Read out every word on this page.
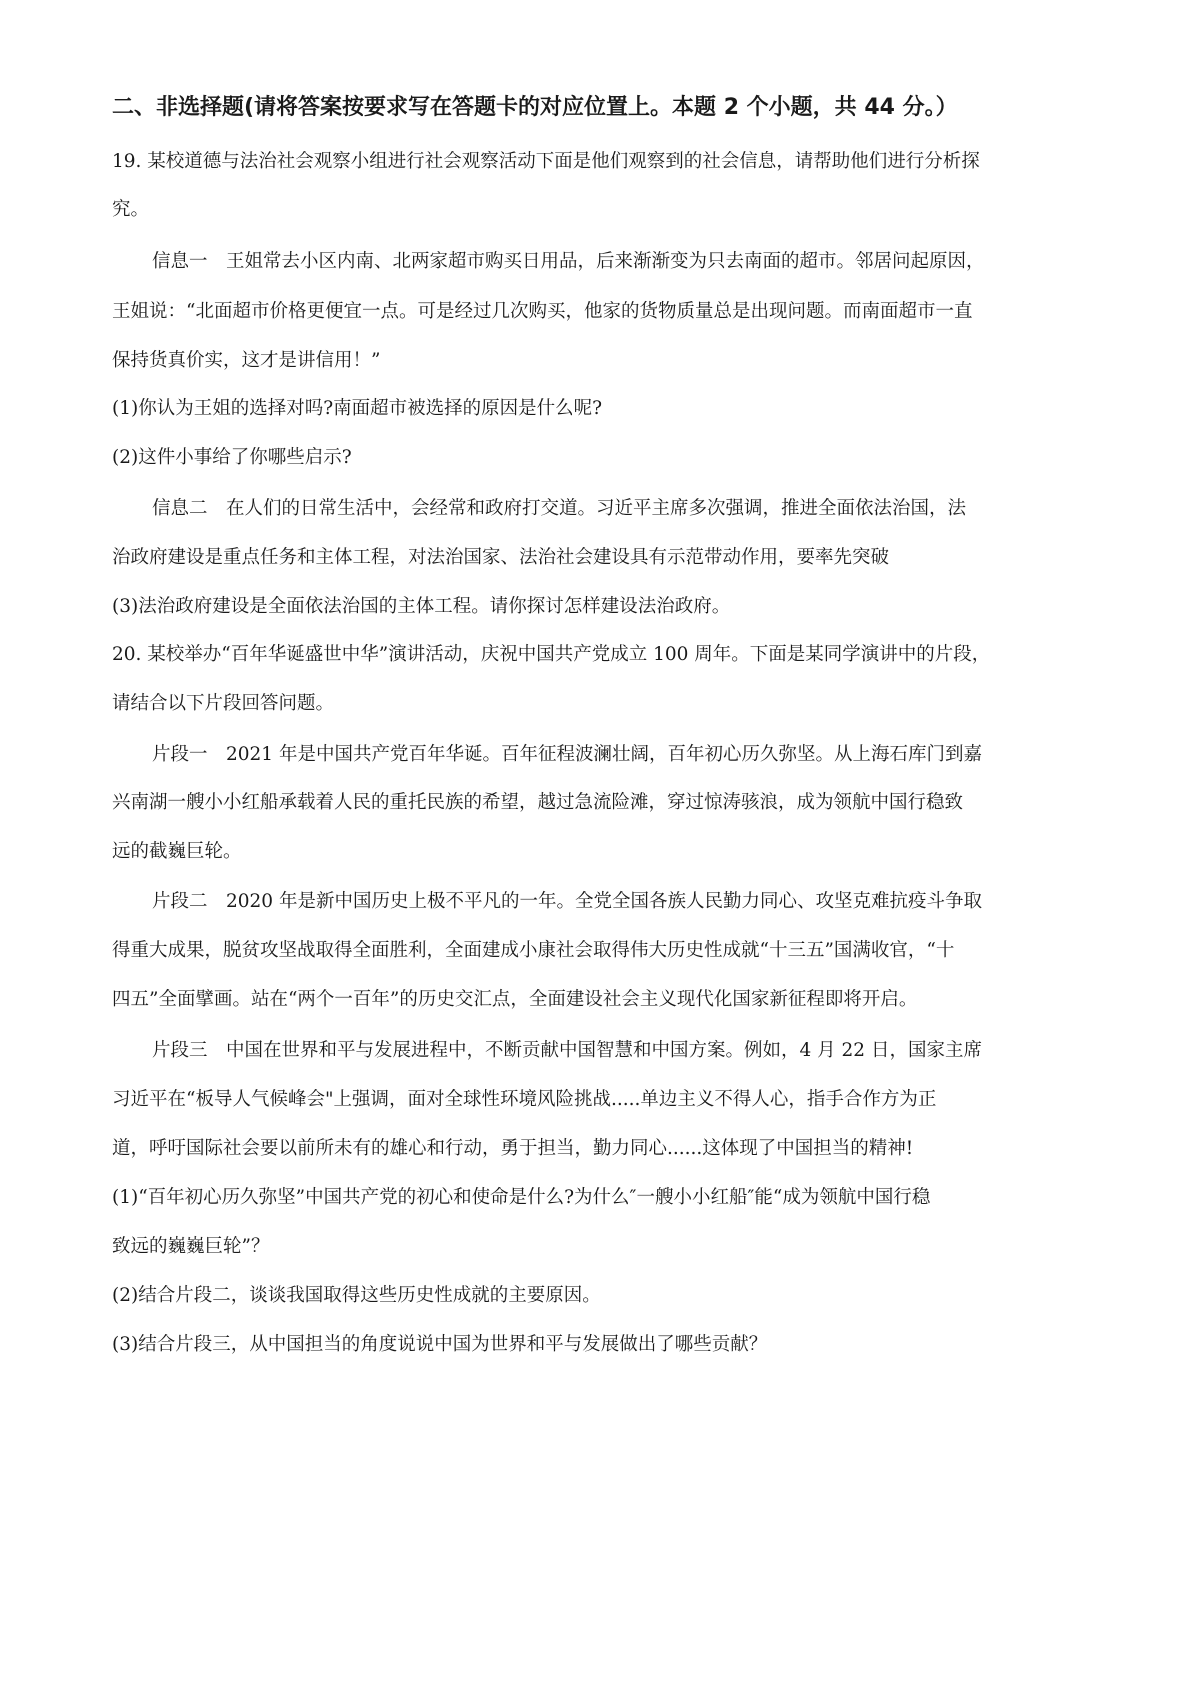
二、非选择题(请将答案按要求写在答题卡的对应位置上。本题 2 个小题，共 44 分。）
19. 某校道德与法治社会观察小组进行社会观察活动下面是他们观察到的社会信息，请帮助他们进行分析探
究。
信息一　王姐常去小区内南、北两家超市购买日用品，后来渐渐变为只去南面的超市。邻居问起原因，
王姐说：“北面超市价格更便宜一点。可是经过几次购买，他家的货物质量总是出现问题。而南面超市一直
保持货真价实，这才是讲信用！”
(1)你认为王姐的选择对吗?南面超市被选择的原因是什么呢?
(2)这件小事给了你哪些启示?
信息二　在人们的日常生活中，会经常和政府打交道。习近平主席多次强调，推进全面依法治国，法
治政府建设是重点任务和主体工程，对法治国家、法治社会建设具有示范带动作用，要率先突破
(3)法治政府建设是全面依法治国的主体工程。请你探讨怎样建设法治政府。
20. 某校举办“百年华诞盛世中华”演讲活动，庆祝中国共产党成立 100 周年。下面是某同学演讲中的片段，
请结合以下片段回答问题。
片段一　2021 年是中国共产党百年华诞。百年征程波澜壮阔，百年初心历久弥坚。从上海石库门到嘉
兴南湖一艘小小红船承载着人民的重托民族的希望，越过急流险滩，穿过惊涛骇浪，成为领航中国行稳致
远的截巍巨轮。
片段二　2020 年是新中国历史上极不平凡的一年。全党全国各族人民勤力同心、攻坚克难抗疫斗争取
得重大成果，脱贫攻坚战取得全面胜利，全面建成小康社会取得伟大历史性成就“十三五”国满收官，“十
四五”全面擘画。站在“两个一百年”的历史交汇点，全面建设社会主义现代化国家新征程即将开启。
片段三　中国在世界和平与发展进程中，不断贡献中国智慧和中国方案。例如，4 月 22 日，国家主席
习近平在“板导人气候峰会"上强调，面对全球性环境风险挑战.....单边主义不得人心，指手合作方为正
道，呼吁国际社会要以前所未有的雄心和行动，勇于担当，勤力同心......这体现了中国担当的精神!
(1)“百年初心历久弥坚”中国共产党的初心和使命是什么?为什么″一艘小小红船″能“成为领航中国行稳
致远的巍巍巨轮”？
(2)结合片段二，谈谈我国取得这些历史性成就的主要原因。
(3)结合片段三，从中国担当的角度说说中国为世界和平与发展做出了哪些贡献？
